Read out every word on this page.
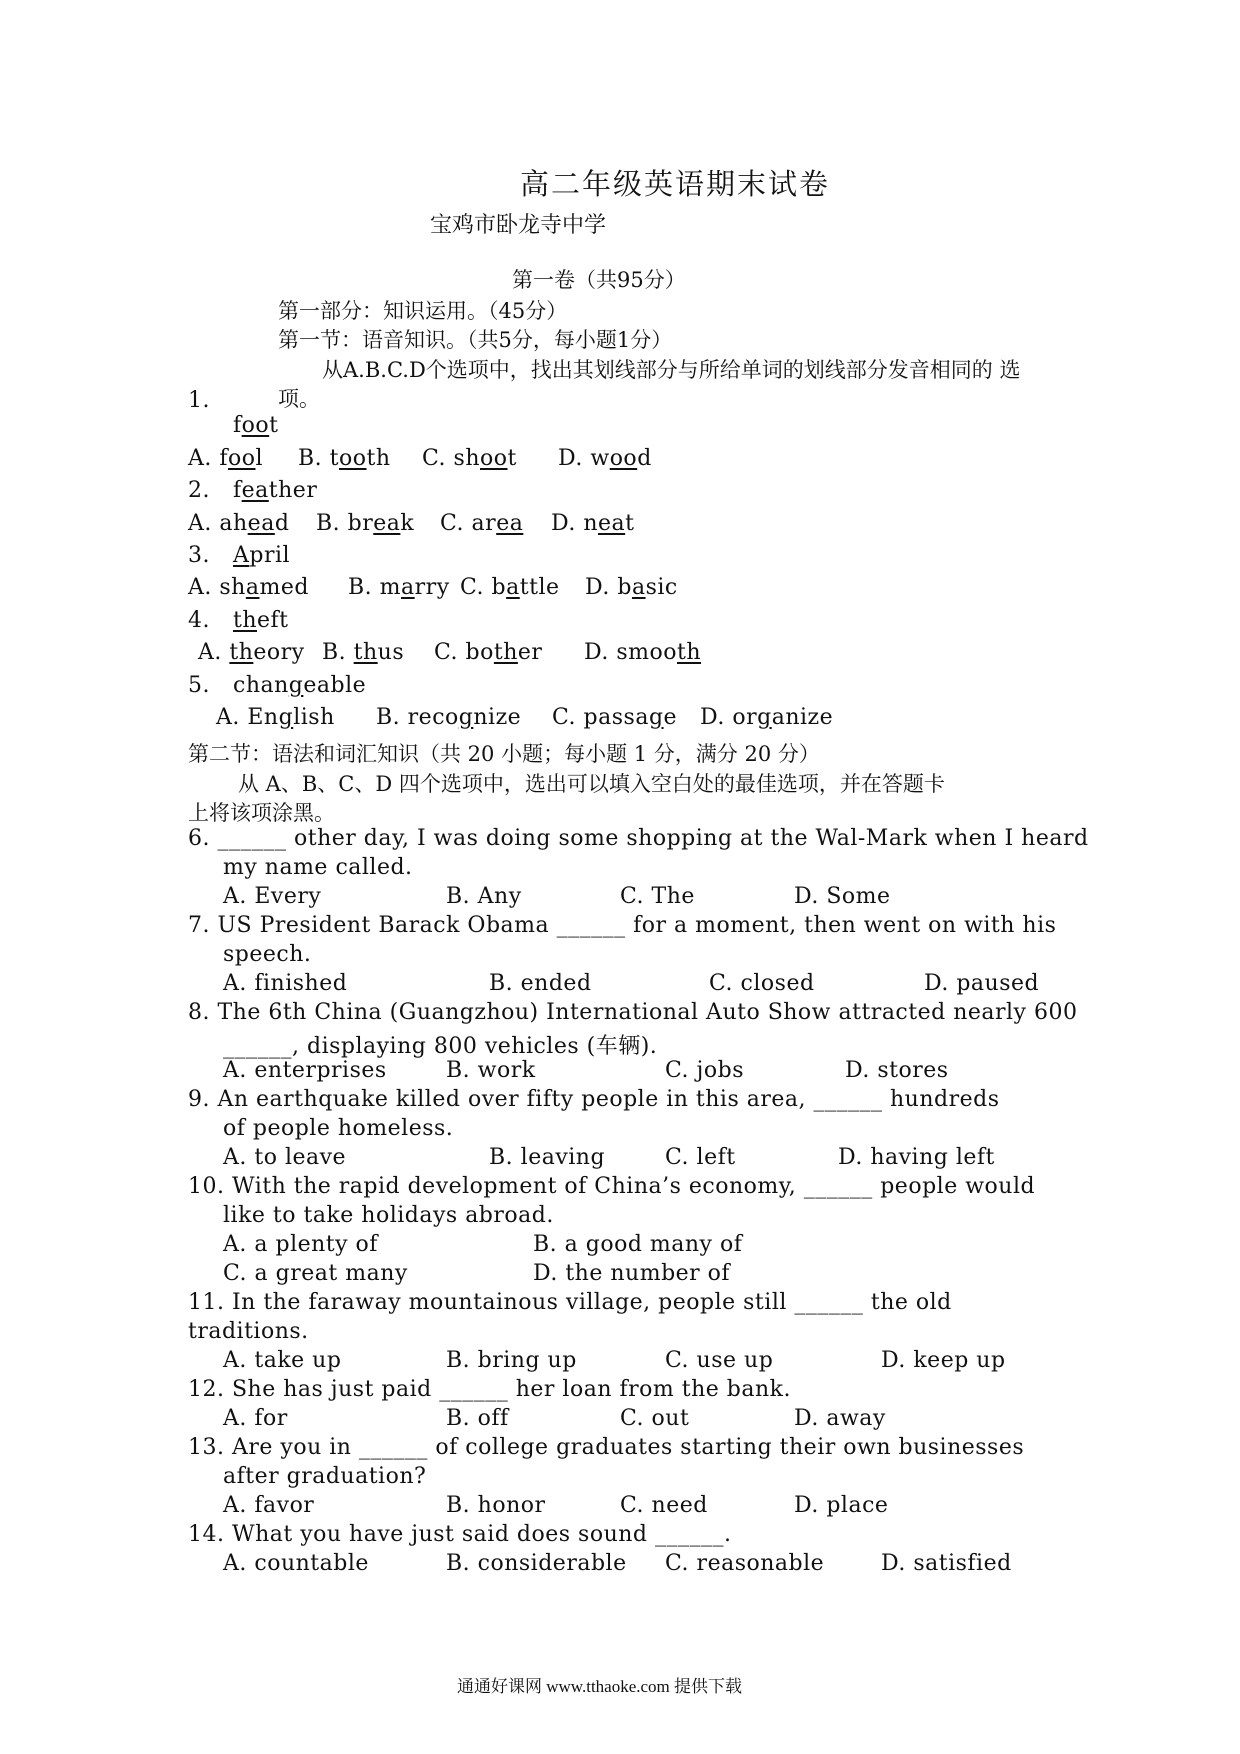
高二年级英语期末试卷
宝鸡市卧龙寺中学
第一卷（共95分）
第一部分：知识运用。（45分）
第一节：语音知识。（共5分，每小题1分）
从A.B.C.D个选项中，找出其划线部分与所给单词的划线部分发音相同的 选
项。
1.
foot
A. fool B. tooth C. shoot D. wood
2. feather
A. ahead B. break C. area D. neat
3. April
A. shamed B. marry C. battle D. basic
4. theft
A. theory B. thus C. bother D. smooth
5. changeable
A. English B. recognize C. passage D. organize
第二节：语法和词汇知识（共 20 小题；每小题 1 分，满分 20 分）
从 A、B、C、D 四个选项中，选出可以填入空白处的最佳选项，并在答题卡
上将该项涂黑。
6. ______ other day, I was doing some shopping at the Wal-Mark when I heard
my name called.
A. Every	B. Any	C. The	D. Some
7. US President Barack Obama ______ for a moment, then went on with his
speech.
A. finished	B. ended	C. closed	D. paused
8. The 6th China (Guangzhou) International Auto Show attracted nearly 600
______, displaying 800 vehicles (车辆).
A. enterprises	B. work	C. jobs	D. stores
9. An earthquake killed over fifty people in this area, ______ hundreds
of people homeless.
A. to leave	B. leaving	C. left	D. having left
10. With the rapid development of China’s economy, ______ people would
like to take holidays abroad.
A. a plenty of	B. a good many of
C. a great many	D. the number of
11. In the faraway mountainous village, people still ______ the old
traditions.
A. take up	B. bring up	C. use up	D. keep up
12. She has just paid ______ her loan from the bank.
A. for	B. off	C. out	D. away
13. Are you in ______ of college graduates starting their own businesses
after graduation?
A. favor	B. honor	C. need	D. place
14. What you have just said does sound ______.
A. countable	B. considerable C. reasonable	D. satisfied
通通好课网 www.tthaoke.com 提供下载
